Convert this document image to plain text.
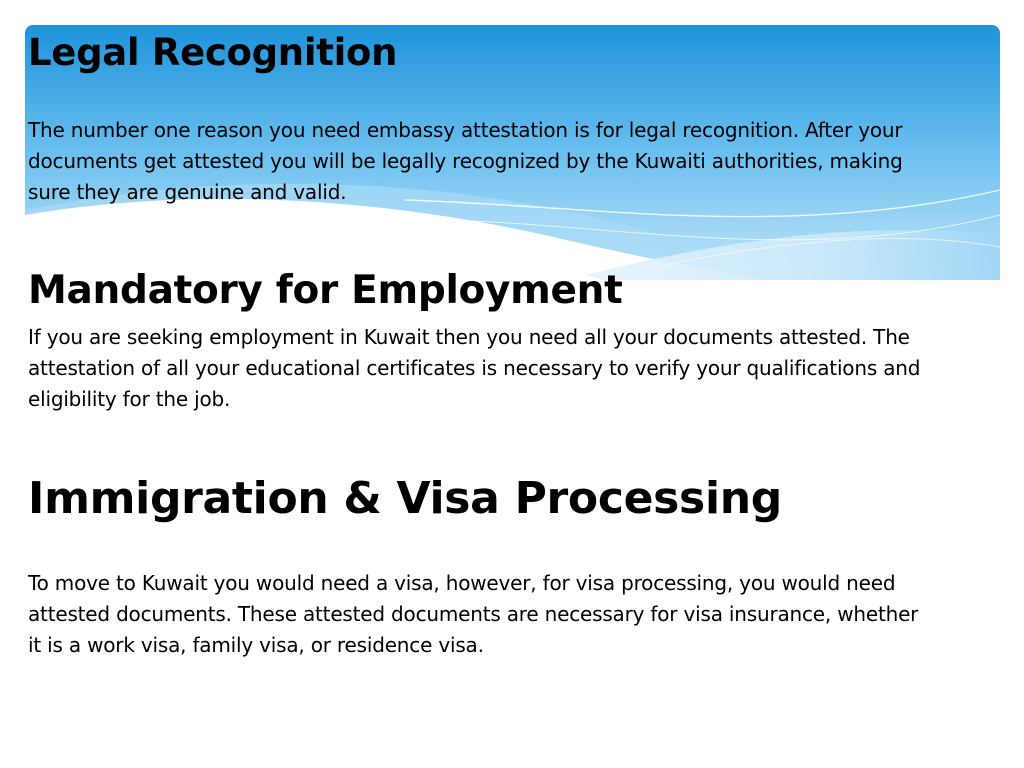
Legal Recognition

The number one reason you need embassy attestation is for legal recognition. After your
documents get attested you will be legally recognized by the Kuwaiti authorities, making
sure they are genuine and valid.

Mandatory for Employment

If you are seeking employment in Kuwait then you need all your documents attested. The
attestation of all your educational certificates is necessary to verify your qualifications and
eligibility for the job.

Immigration & Visa Processing

To move to Kuwait you would need a visa, however, for visa processing, you would need
attested documents. These attested documents are necessary for visa insurance, whether
it is a work visa, family visa, or residence visa.
